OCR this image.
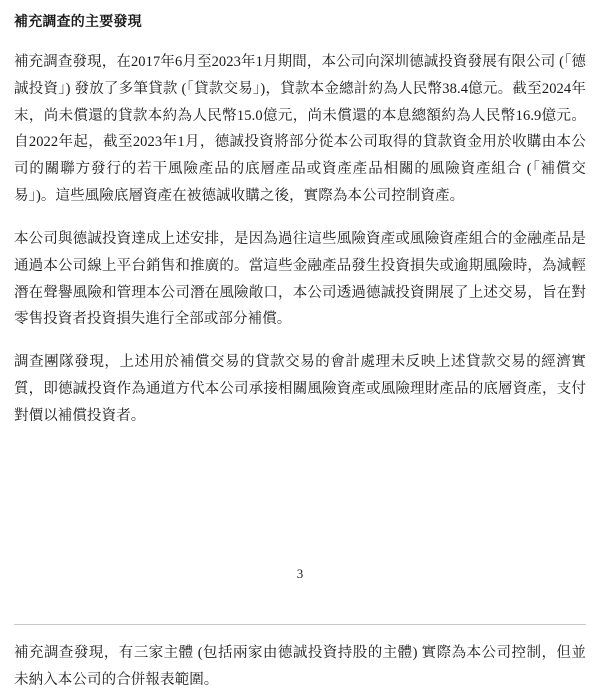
補充調查的主要發現

補充調查發現，在2017年6月至2023年1月期間，本公司向深圳德誠投資發展有限公司 (「德誠投資」) 發放了多筆貸款 (「貸款交易」)，貸款本金總計約為人民幣38.4億元。截至2024年末，尚未償還的貸款本約為人民幣15.0億元，尚未償還的本息總額約為人民幣16.9億元。自2022年起，截至2023年1月，德誠投資將部分從本公司取得的貸款資金用於收購由本公司的關聯方發行的若干風險產品的底層產品或資產產品相關的風險資產組合 (「補償交易」)。這些風險底層資產在被德誠收購之後，實際為本公司控制資產。

本公司與德誠投資達成上述安排，是因為過往這些風險資產或風險資產組合的金融產品是通過本公司線上平台銷售和推廣的。當這些金融產品發生投資損失或逾期風險時，為減輕潛在聲譽風險和管理本公司潛在風險敞口，本公司透過德誠投資開展了上述交易，旨在對零售投資者投資損失進行全部或部分補償。

調查團隊發現，上述用於補償交易的貸款交易的會計處理未反映上述貸款交易的經濟實質，即德誠投資作為通道方代本公司承接相關風險資產或風險理財產品的底層資產，支付對價以補償投資者。

3

補充調查發現，有三家主體 (包括兩家由德誠投資持股的主體) 實際為本公司控制，但並未納入本公司的合併報表範圍。
